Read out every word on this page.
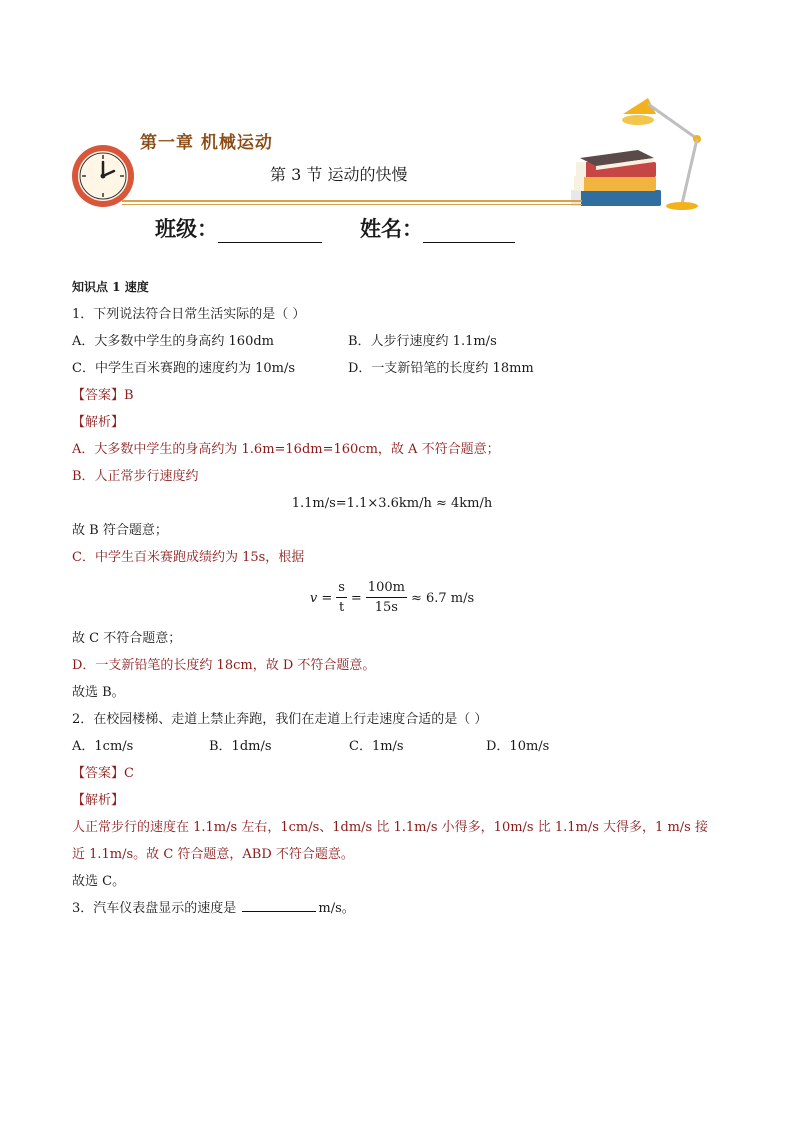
第一章 机械运动
第 3 节 运动的快慢
班级：	姓名：
知识点 1 速度
1．下列说法符合日常生活实际的是（ ）
A．大多数中学生的身高约 160dm	B．人步行速度约 1.1m/s
C．中学生百米赛跑的速度约为 10m/s	D．一支新铅笔的长度约 18mm
【答案】B
【解析】
A．大多数中学生的身高约为 1.6m=16dm=160cm，故 A 不符合题意；
B．人正常步行速度约
1.1m/s=1.1×3.6km/h ≈ 4km/h
故 B 符合题意；
C．中学生百米赛跑成绩约为 15s，根据
$v = \frac{s}{t} = \frac{100m}{15s} \approx 6.7$ m/s
故 C 不符合题意；
D．一支新铅笔的长度约 18cm，故 D 不符合题意。
故选 B。
2．在校园楼梯、走道上禁止奔跑，我们在走道上行走速度合适的是（ ）
A．1cm/s	B．1dm/s	C．1m/s	D．10m/s
【答案】C
【解析】
人正常步行的速度在 1.1m/s 左右，1cm/s、1dm/s 比 1.1m/s 小得多，10m/s 比 1.1m/s 大得多，1 m/s 接近 1.1m/s。故 C 符合题意，ABD 不符合题意。
故选 C。
3．汽车仪表盘显示的速度是	m/s。
